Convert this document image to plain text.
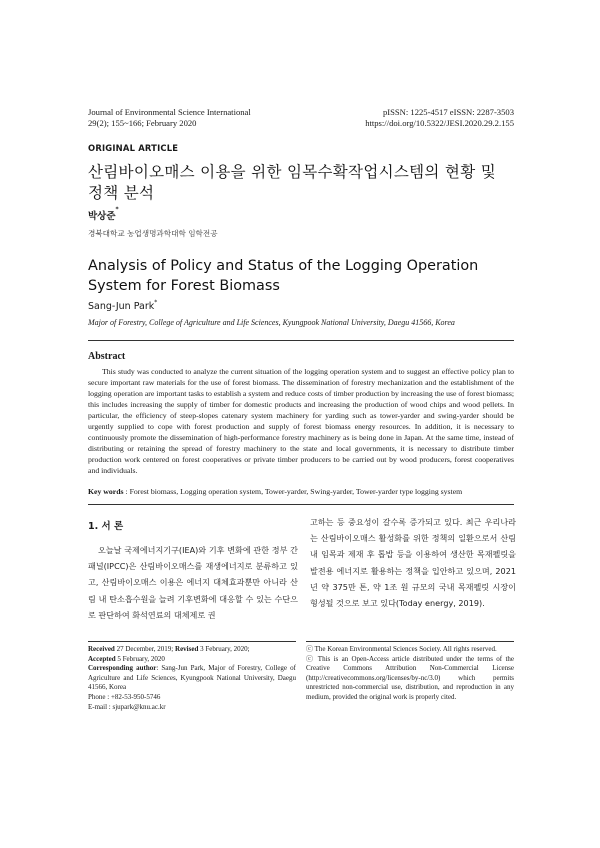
Journal of Environmental Science International
29(2); 155~166; February 2020
pISSN: 1225-4517 eISSN: 2287-3503
https://doi.org/10.5322/JESI.2020.29.2.155
ORIGINAL ARTICLE
산림바이오매스 이용을 위한 임목수확작업시스템의 현황 및 정책 분석
박상준*
경북대학교 농업생명과학대학 임학전공
Analysis of Policy and Status of the Logging Operation System for Forest Biomass
Sang-Jun Park*
Major of Forestry, College of Agriculture and Life Sciences, Kyungpook National University, Daegu 41566, Korea
Abstract
This study was conducted to analyze the current situation of the logging operation system and to suggest an effective policy plan to secure important raw materials for the use of forest biomass. The dissemination of forestry mechanization and the establishment of the logging operation are important tasks to establish a system and reduce costs of timber production by increasing the use of forest biomass; this includes increasing the supply of timber for domestic products and increasing the production of wood chips and wood pellets. In particular, the efficiency of steep-slopes catenary system machinery for yarding such as tower-yarder and swing-yarder should be urgently supplied to cope with forest production and supply of forest biomass energy resources. In addition, it is necessary to continuously promote the dissemination of high-performance forestry machinery as is being done in Japan. At the same time, instead of distributing or retaining the spread of forestry machinery to the state and local governments, it is necessary to distribute timber production work centered on forest cooperatives or private timber producers to be carried out by wood producers, forest cooperatives and individuals.
Key words : Forest biomass, Logging operation system, Tower-yarder, Swing-yarder, Tower-yarder type logging system
1. 서 론
오늘날 국제에너지기구(IEA)와 기후 변화에 관한 정부 간 패널(IPCC)은 산림바이오매스를 재생에너지로 분류하고 있고, 산림바이오매스 이용은 에너지 대체효과뿐만 아니라 산림 내 탄소흡수원을 늘려 기후변화에 대응할 수 있는 수단으로 판단하여 화석연료의 대체제로 권
고하는 등 중요성이 갈수록 증가되고 있다. 최근 우리나라는 산림바이오매스 활성화를 위한 정책의 일환으로서 산림 내 임목과 제재 후 톱밥 등을 이용하여 생산한 목재펠릿을 발전용 에너지로 활용하는 정책을 입안하고 있으며, 2021년 약 375만 톤, 약 1조 원 규모의 국내 목재펠릿 시장이 형성될 것으로 보고 있다(Today energy, 2019).
Received 27 December, 2019; Revised 3 February, 2020;
Accepted 5 February, 2020
Corresponding author: Sang-Jun Park, Major of Forestry, College of Agriculture and Life Sciences, Kyungpook National University, Daegu 41566, Korea
Phone : +82-53-950-5746
E-mail : sjupark@knu.ac.kr
ⓒ The Korean Environmental Sciences Society. All rights reserved.
ⓒ This is an Open-Access article distributed under the terms of the Creative Commons Attribution Non-Commercial License (http://creativecommons.org/licenses/by-nc/3.0) which permits unrestricted non-commercial use, distribution, and reproduction in any medium, provided the original work is properly cited.
